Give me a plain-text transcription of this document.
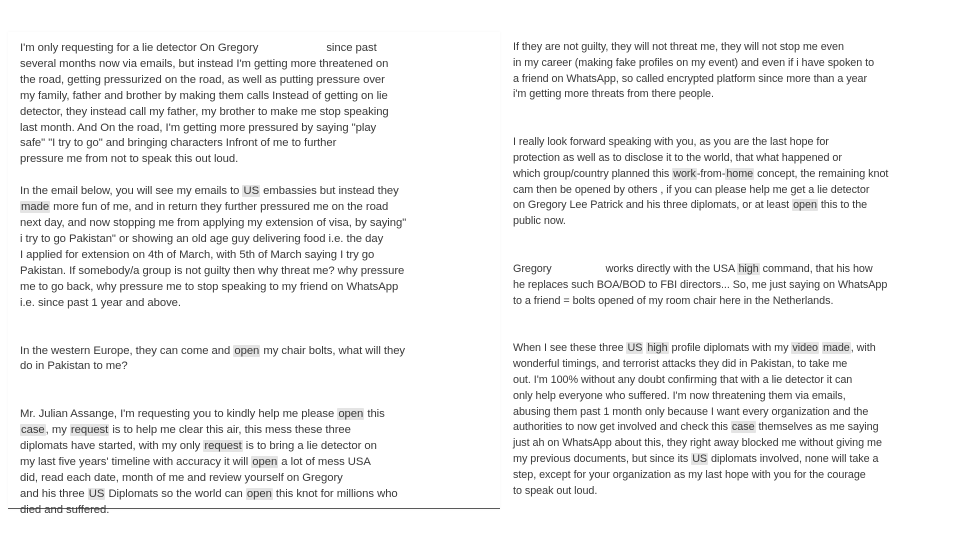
I'm only requesting for a lie detector On Gregory	since past
several months now via emails, but instead I'm getting more threatened on
the road, getting pressurized on the road, as well as putting pressure over
my family, father and brother by making them calls Instead of getting on lie
detector, they instead call my father, my brother to make me stop speaking
last month. And On the road, I'm getting more pressured by saying "play
safe" "I try to go" and bringing characters Infront of me to further
pressure me from not to speak this out loud.

In the email below, you will see my emails to US embassies but instead they
made more fun of me, and in return they further pressured me on the road
next day, and now stopping me from applying my extension of visa, by saying"
i try to go Pakistan" or showing an old age guy delivering food i.e. the day
I applied for extension on 4th of March, with 5th of March saying I try go
Pakistan. If somebody/a group is not guilty then why threat me? why pressure
me to go back, why pressure me to stop speaking to my friend on WhatsApp
i.e. since past 1 year and above.

In the western Europe, they can come and open my chair bolts, what will they
do in Pakistan to me?

Mr. Julian Assange, I'm requesting you to kindly help me please open this
case, my request is to help me clear this air, this mess these three
diplomats have started, with my only request is to bring a lie detector on
my last five years' timeline with accuracy it will open a lot of mess USA
did, read each date, month of me and review yourself on Gregory
and his three US Diplomats so the world can open this knot for millions who
died and suffered.

If they are not guilty, they will not threat me, they will not stop me even
in my career (making fake profiles on my event) and even if i have spoken to
a friend on WhatsApp, so called encrypted platform since more than a year
i'm getting more threats from there people.

I really look forward speaking with you, as you are the last hope for
protection as well as to disclose it to the world, that what happened or
which group/country planned this work-from-home concept, the remaining knot
cam then be opened by others , if you can please help me get a lie detector
on Gregory Lee Patrick and his three diplomats, or at least open this to the
public now.

Gregory	works directly with the USA high command, that his how
he replaces such BOA/BOD to FBI directors... So, me just saying on WhatsApp
to a friend = bolts opened of my room chair here in the Netherlands.

When I see these three US high profile diplomats with my video made, with
wonderful timings, and terrorist attacks they did in Pakistan, to take me
out. I'm 100% without any doubt confirming that with a lie detector it can
only help everyone who suffered. I'm now threatening them via emails,
abusing them past 1 month only because I want every organization and the
authorities to now get involved and check this case themselves as me saying
just ah on WhatsApp about this, they right away blocked me without giving me
my previous documents, but since its US diplomats involved, none will take a
step, except for your organization as my last hope with you for the courage
to speak out loud.
